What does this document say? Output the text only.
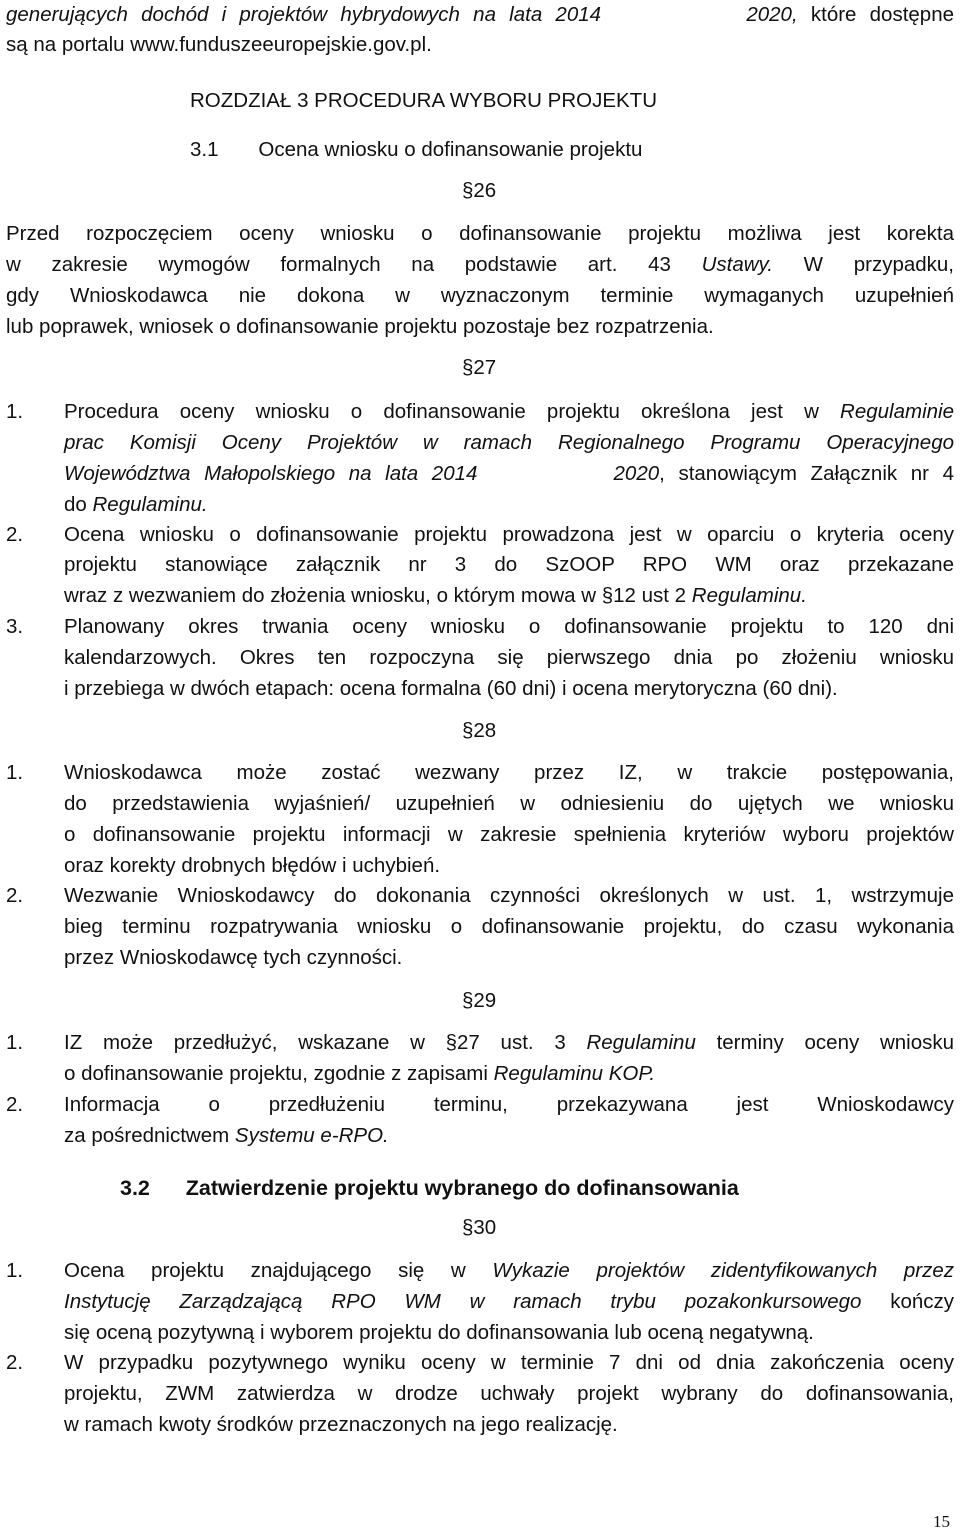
generujących dochód i projektów hybrydowych na lata 2014	2020, które dostępne
są na portalu www.funduszeeuropejskie.gov.pl.
ROZDZIAŁ 3 PROCEDURA WYBORU PROJEKTU
3.1 Ocena wniosku o dofinansowanie projektu
§26
Przed rozpoczęciem oceny wniosku o dofinansowanie projektu możliwa jest korekta
w zakresie wymogów formalnych na podstawie art. 43 Ustawy. W przypadku,
gdy Wnioskodawca nie dokona w wyznaczonym terminie wymaganych uzupełnień
lub poprawek, wniosek o dofinansowanie projektu pozostaje bez rozpatrzenia.
§27
1. Procedura oceny wniosku o dofinansowanie projektu określona jest w Regulaminie
prac Komisji Oceny Projektów w ramach Regionalnego Programu Operacyjnego
Województwa Małopolskiego na lata 2014	2020, stanowiącym Załącznik nr 4
do Regulaminu.
2. Ocena wniosku o dofinansowanie projektu prowadzona jest w oparciu o kryteria oceny
projektu stanowiące załącznik nr 3 do SzOOP RPO WM oraz przekazane
wraz z wezwaniem do złożenia wniosku, o którym mowa w §12 ust 2 Regulaminu.
3. Planowany okres trwania oceny wniosku o dofinansowanie projektu to 120 dni
kalendarzowych. Okres ten rozpoczyna się pierwszego dnia po złożeniu wniosku
i przebiega w dwóch etapach: ocena formalna (60 dni) i ocena merytoryczna (60 dni).
§28
1. Wnioskodawca może zostać wezwany przez IZ, w trakcie postępowania,
do przedstawienia wyjaśnień/ uzupełnień w odniesieniu do ujętych we wniosku
o dofinansowanie projektu informacji w zakresie spełnienia kryteriów wyboru projektów
oraz korekty drobnych błędów i uchybień.
2. Wezwanie Wnioskodawcy do dokonania czynności określonych w ust. 1, wstrzymuje
bieg terminu rozpatrywania wniosku o dofinansowanie projektu, do czasu wykonania
przez Wnioskodawcę tych czynności.
§29
1. IZ może przedłużyć, wskazane w §27 ust. 3 Regulaminu terminy oceny wniosku
o dofinansowanie projektu, zgodnie z zapisami Regulaminu KOP.
2. Informacja o przedłużeniu terminu, przekazywana jest Wnioskodawcy
za pośrednictwem Systemu e-RPO.
3.2 Zatwierdzenie projektu wybranego do dofinansowania
§30
1. Ocena projektu znajdującego się w Wykazie projektów zidentyfikowanych przez
Instytucję Zarządzającą RPO WM w ramach trybu pozakonkursowego kończy
się oceną pozytywną i wyborem projektu do dofinansowania lub oceną negatywną.
2. W przypadku pozytywnego wyniku oceny w terminie 7 dni od dnia zakończenia oceny
projektu, ZWM zatwierdza w drodze uchwały projekt wybrany do dofinansowania,
w ramach kwoty środków przeznaczonych na jego realizację.
15
